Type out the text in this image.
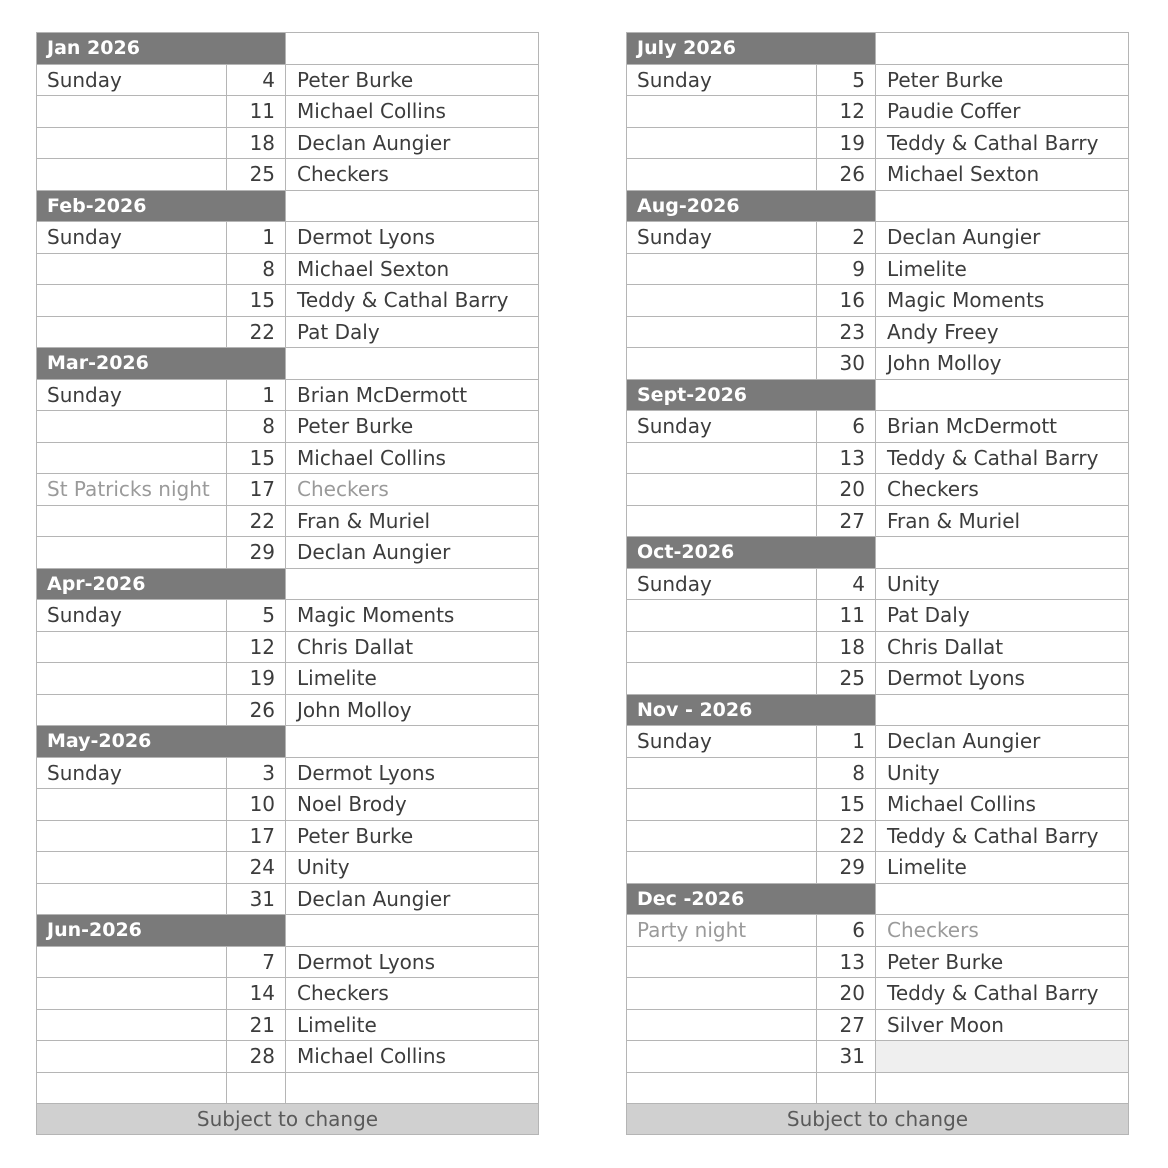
Jan 2026		
Sunday	4	Peter Burke
	11	Michael Collins
	18	Declan Aungier
	25	Checkers
Feb-2026		
Sunday	1	Dermot Lyons
	8	Michael Sexton
	15	Teddy & Cathal Barry
	22	Pat Daly
Mar-2026		
Sunday	1	Brian McDermott
	8	Peter Burke
	15	Michael Collins
St Patricks night	17	Checkers
	22	Fran & Muriel
	29	Declan Aungier
Apr-2026		
Sunday	5	Magic Moments
	12	Chris Dallat
	19	Limelite
	26	John Molloy
May-2026		
Sunday	3	Dermot Lyons
	10	Noel Brody
	17	Peter Burke
	24	Unity
	31	Declan Aungier
Jun-2026		
	7	Dermot Lyons
	14	Checkers
	21	Limelite
	28	Michael Collins

Subject to change		
July 2026		
Sunday	5	Peter Burke
	12	Paudie Coffer
	19	Teddy & Cathal Barry
	26	Michael Sexton
Aug-2026		
Sunday	2	Declan Aungier
	9	Limelite
	16	Magic Moments
	23	Andy Freey
	30	John Molloy
Sept-2026		
Sunday	6	Brian McDermott
	13	Teddy & Cathal Barry
	20	Checkers
	27	Fran & Muriel
Oct-2026		
Sunday	4	Unity
	11	Pat Daly
	18	Chris Dallat
	25	Dermot Lyons
Nov - 2026		
Sunday	1	Declan Aungier
	8	Unity
	15	Michael Collins
	22	Teddy & Cathal Barry
	29	Limelite
Dec -2026		
Party night	6	Checkers
	13	Peter Burke
	20	Teddy & Cathal Barry
	27	Silver Moon
	31	

Subject to change		
